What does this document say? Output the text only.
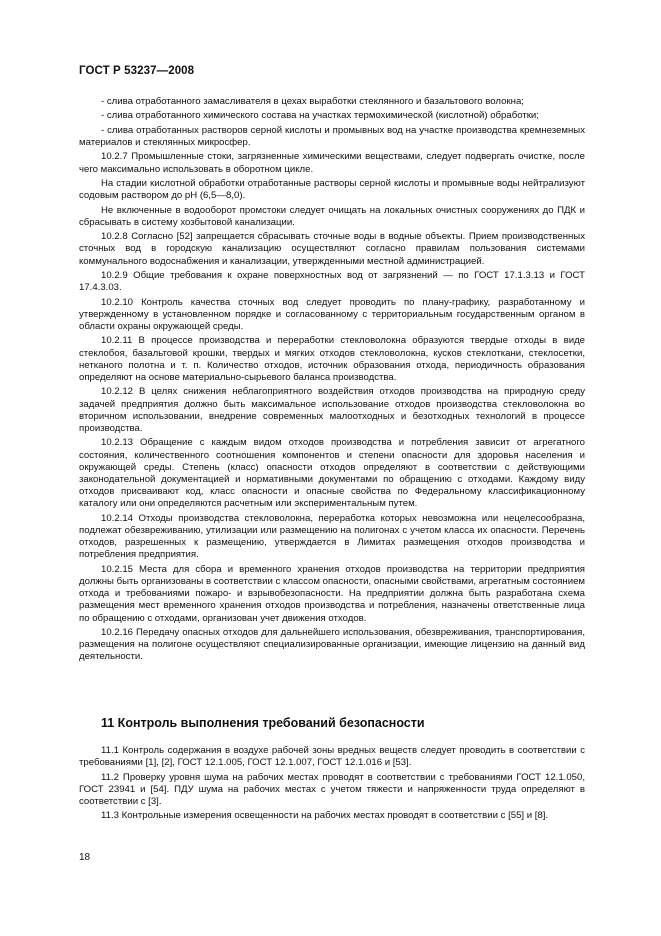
ГОСТ Р 53237—2008

- слива отработанного замасливателя в цехах выработки стеклянного и базальтового волокна;

- слива отработанного химического состава на участках термохимической (кислотной) обработки;

- слива отработанных растворов серной кислоты и промывных вод на участке производства кремнеземных материалов и стеклянных микросфер.

10.2.7 Промышленные стоки, загрязненные химическими веществами, следует подвергать очистке, после чего максимально использовать в оборотном цикле.

На стадии кислотной обработки отработанные растворы серной кислоты и промывные воды нейтрализуют содовым раствором до pH (6,5—8,0).

Не включенные в водооборот промстоки следует очищать на локальных очистных сооружениях до ПДК и сбрасывать в систему хозбытовой канализации.

10.2.8 Согласно [52] запрещается сбрасывать сточные воды в водные объекты. Прием производственных сточных вод в городскую канализацию осуществляют согласно правилам пользования системами коммунального водоснабжения и канализации, утвержденными местной администрацией.

10.2.9 Общие требования к охране поверхностных вод от загрязнений — по ГОСТ 17.1.3.13 и ГОСТ 17.4.3.03.

10.2.10 Контроль качества сточных вод следует проводить по плану-графику, разработанному и утвержденному в установленном порядке и согласованному с территориальным государственным органом в области охраны окружающей среды.

10.2.11 В процессе производства и переработки стекловолокна образуются твердые отходы в виде стеклобоя, базальтовой крошки, твердых и мягких отходов стекловолокна, кусков стеклоткани, стеклосетки, нетканого полотна и т. п. Количество отходов, источник образования отхода, периодичность образования определяют на основе материально-сырьевого баланса производства.

10.2.12 В целях снижения неблагоприятного воздействия отходов производства на природную среду задачей предприятия должно быть максимальное использование отходов производства стекловолокна во вторичном использовании, внедрение современных малоотходных и безотходных технологий в процессе производства.

10.2.13 Обращение с каждым видом отходов производства и потребления зависит от агрегатного состояния, количественного соотношения компонентов и степени опасности для здоровья населения и окружающей среды. Степень (класс) опасности отходов определяют в соответствии с действующими законодательной документацией и нормативными документами по обращению с отходами. Каждому виду отходов присваивают код, класс опасности и опасные свойства по Федеральному классификационному каталогу или они определяются расчетным или экспериментальным путем.

10.2.14 Отходы производства стекловолокна, переработка которых невозможна или нецелесообразна, подлежат обезвреживанию, утилизации или размещению на полигонах с учетом класса их опасности. Перечень отходов, разрешенных к размещению, утверждается в Лимитах размещения отходов производства и потребления предприятия.

10.2.15 Места для сбора и временного хранения отходов производства на территории предприятия должны быть организованы в соответствии с классом опасности, опасными свойствами, агрегатным состоянием отхода и требованиями пожаро- и взрывобезопасности. На предприятии должна быть разработана схема размещения мест временного хранения отходов производства и потребления, назначены ответственные лица по обращению с отходами, организован учет движения отходов.

10.2.16 Передачу опасных отходов для дальнейшего использования, обезвреживания, транспортирования, размещения на полигоне осуществляют специализированные организации, имеющие лицензию на данный вид деятельности.

11 Контроль выполнения требований безопасности

11.1 Контроль содержания в воздухе рабочей зоны вредных веществ следует проводить в соответствии с требованиями [1], [2], ГОСТ 12.1.005, ГОСТ 12.1.007, ГОСТ 12.1.016 и [53].

11.2 Проверку уровня шума на рабочих местах проводят в соответствии с требованиями ГОСТ 12.1.050, ГОСТ 23941 и [54]. ПДУ шума на рабочих местах с учетом тяжести и напряженности труда определяют в соответствии с [3].

11.3 Контрольные измерения освещенности на рабочих местах проводят в соответствии с [55] и [8].

18
